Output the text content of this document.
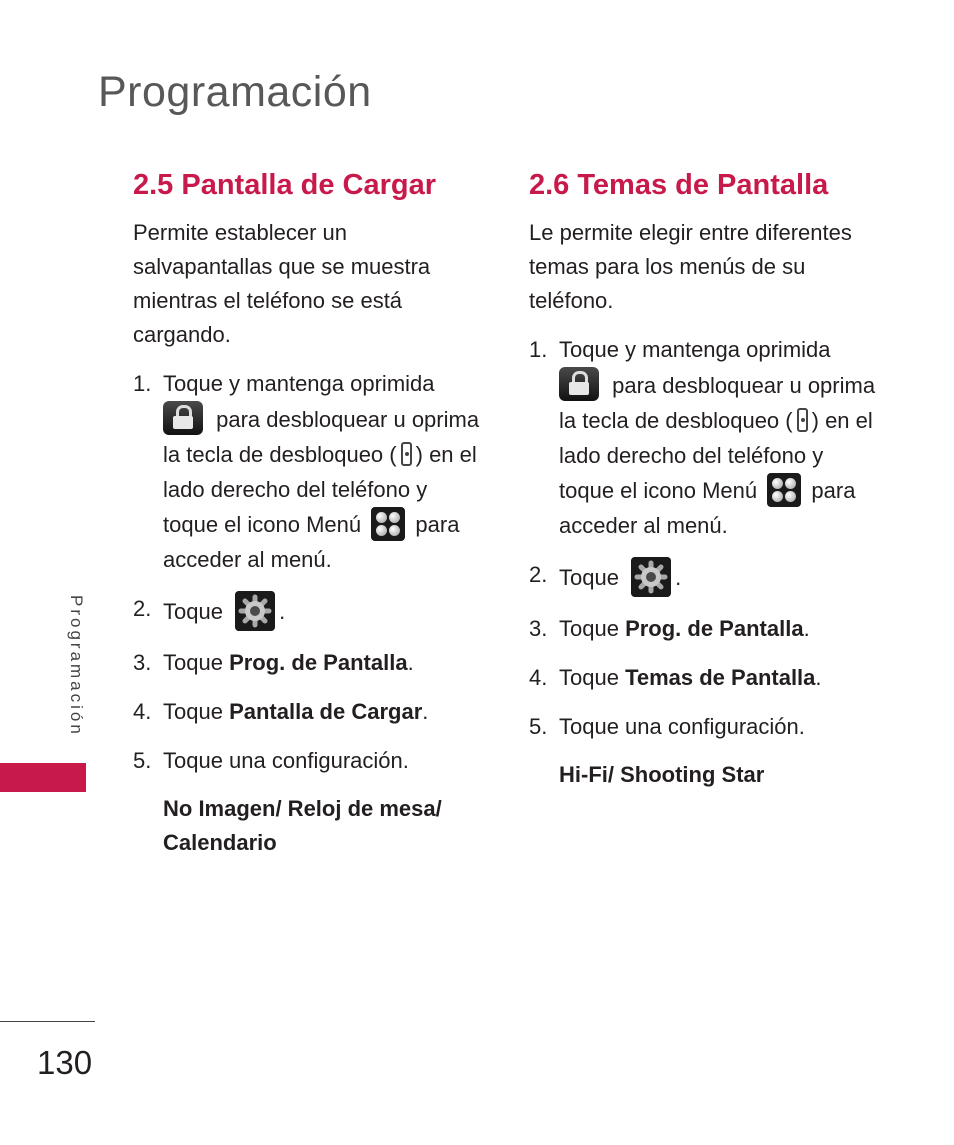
Programación
2.5 Pantalla de Cargar

Permite establecer un salvapantallas que se muestra mientras el teléfono se está cargando.

1. Toque y mantenga oprimida
para desbloquear u oprima la tecla de desbloqueo ( ) en el lado derecho del teléfono y toque el icono Menú para acceder al menú.
2. Toque	.
3. Toque Prog. de Pantalla.
4. Toque Pantalla de Cargar.
5. Toque una configuración.
No Imagen/ Reloj de mesa/ Calendario
2.6 Temas de Pantalla

Le permite elegir entre diferentes temas para los menús de su teléfono.

1. Toque y mantenga oprimida
para desbloquear u oprima la tecla de desbloqueo ( ) en el lado derecho del teléfono y toque el icono Menú para acceder al menú.
2. Toque	.
3. Toque Prog. de Pantalla.
4. Toque Temas de Pantalla.
5. Toque una configuración.
Hi-Fi/ Shooting Star
Programación
130
